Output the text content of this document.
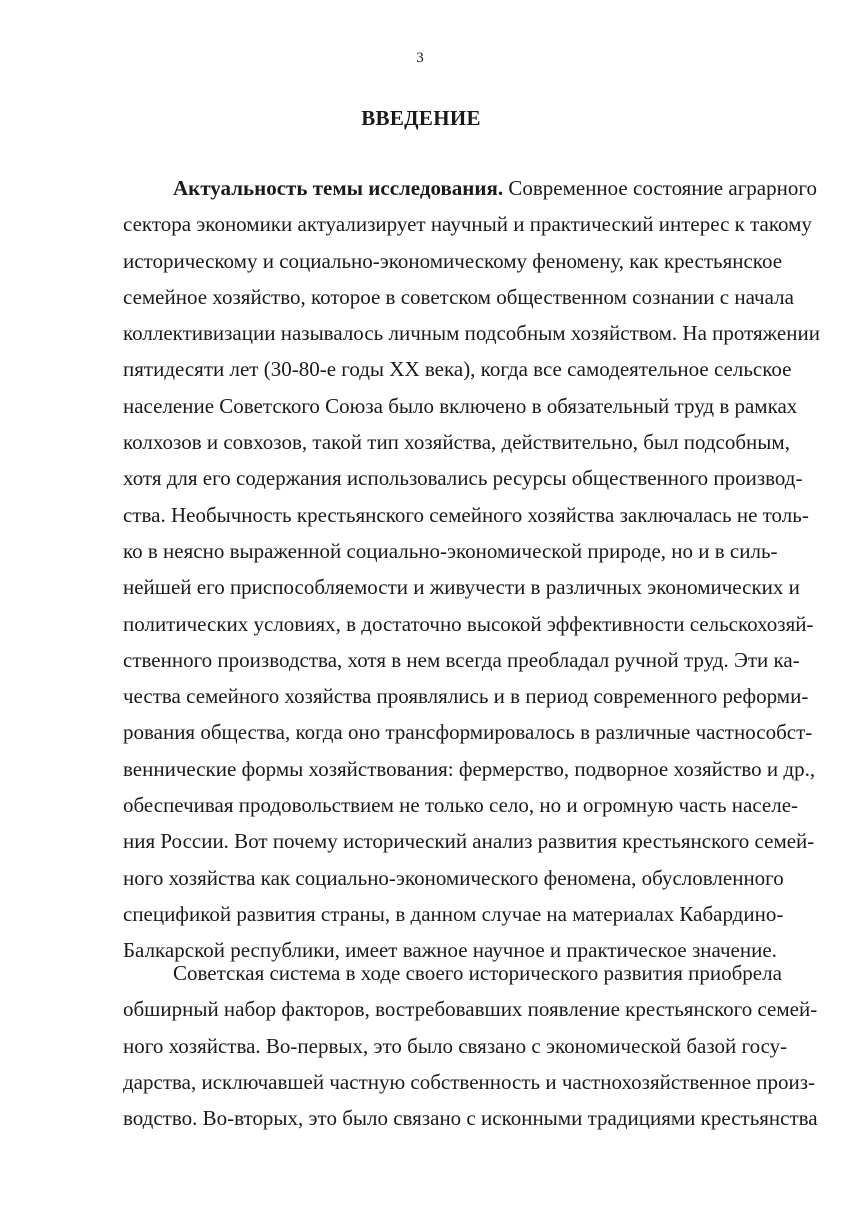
3
ВВЕДЕНИЕ
Актуальность темы исследования. Современное состояние аграрного
сектора экономики актуализирует научный и практический интерес к такому
историческому и социально-экономическому феномену, как крестьянское
семейное хозяйство, которое в советском общественном сознании с начала
коллективизации называлось личным подсобным хозяйством. На протяжении
пятидесяти лет (30-80-е годы XX века), когда все самодеятельное сельское
население Советского Союза было включено в обязательный труд в рамках
колхозов и совхозов, такой тип хозяйства, действительно, был подсобным,
хотя для его содержания использовались ресурсы общественного производ-
ства. Необычность крестьянского семейного хозяйства заключалась не толь-
ко в неясно выраженной социально-экономической природе, но и в силь-
нейшей его приспособляемости и живучести в различных экономических и
политических условиях, в достаточно высокой эффективности сельскохозяй-
ственного производства, хотя в нем всегда преобладал ручной труд. Эти ка-
чества семейного хозяйства проявлялись и в период современного реформи-
рования общества, когда оно трансформировалось в различные частнособст-
веннические формы хозяйствования: фермерство, подворное хозяйство и др.,
обеспечивая продовольствием не только село, но и огромную часть населе-
ния России. Вот почему исторический анализ развития крестьянского семей-
ного хозяйства как социально-экономического феномена, обусловленного
спецификой развития страны, в данном случае на материалах Кабардино-
Балкарской республики, имеет важное научное и практическое значение.
Советская система в ходе своего исторического развития приобрела
обширный набор факторов, востребовавших появление крестьянского семей-
ного хозяйства. Во-первых, это было связано с экономической базой госу-
дарства, исключавшей частную собственность и частнохозяйственное произ-
водство. Во-вторых, это было связано с исконными традициями крестьянства
